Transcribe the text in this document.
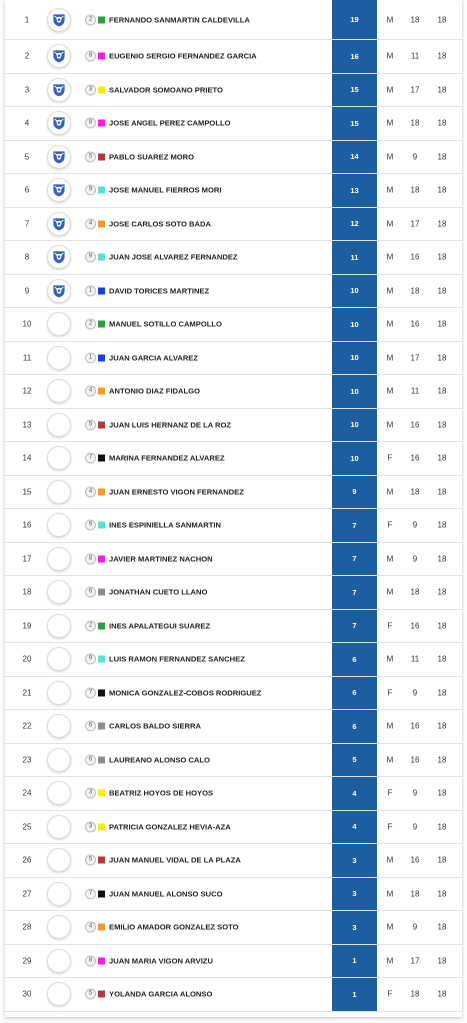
1	2	FERNANDO SANMARTIN CALDEVILLA	19	M	18	18
2	8	EUGENIO SERGIO FERNANDEZ GARCIA	16	M	11	18
3	3	SALVADOR SOMOANO PRIETO	15	M	17	18
4	8	JOSE ANGEL PEREZ CAMPOLLO	15	M	18	18
5	5	PABLO SUAREZ MORO	14	M	9	18
6	9	JOSE MANUEL FIERROS MORI	13	M	18	18
7	4	JOSE CARLOS SOTO BADA	12	M	17	18
8	9	JUAN JOSE ALVAREZ FERNANDEZ	11	M	16	18
9	1	DAVID TORICES MARTINEZ	10	M	18	18
10	2	MANUEL SOTILLO CAMPOLLO	10	M	16	18
11	1	JUAN GARCIA ALVAREZ	10	M	17	18
12	4	ANTONIO DIAZ FIDALGO	10	M	11	18
13	5	JUAN LUIS HERNANZ DE LA ROZ	10	M	16	18
14	7	MARINA FERNANDEZ ALVAREZ	10	F	16	18
15	4	JUAN ERNESTO VIGON FERNANDEZ	9	M	18	18
16	9	INES ESPINIELLA SANMARTIN	7	F	9	18
17	8	JAVIER MARTINEZ NACHON	7	M	9	18
18	6	JONATHAN CUETO LLANO	7	M	18	18
19	2	INES APALATEGUI SUAREZ	7	F	16	18
20	9	LUIS RAMON FERNANDEZ SANCHEZ	6	M	11	18
21	7	MONICA GONZALEZ-COBOS RODRIGUEZ	6	F	9	18
22	6	CARLOS BALDO SIERRA	6	M	16	18
23	6	LAUREANO ALONSO CALO	5	M	16	18
24	3	BEATRIZ HOYOS DE HOYOS	4	F	9	18
25	3	PATRICIA GONZALEZ HEVIA-AZA	4	F	9	18
26	5	JUAN MANUEL VIDAL DE LA PLAZA	3	M	16	18
27	7	JUAN MANUEL ALONSO SUCO	3	M	18	18
28	4	EMILIO AMADOR GONZALEZ SOTO	3	M	9	18
29	8	JUAN MARIA VIGON ARVIZU	1	M	17	18
30	5	YOLANDA GARCIA ALONSO	1	F	18	18
